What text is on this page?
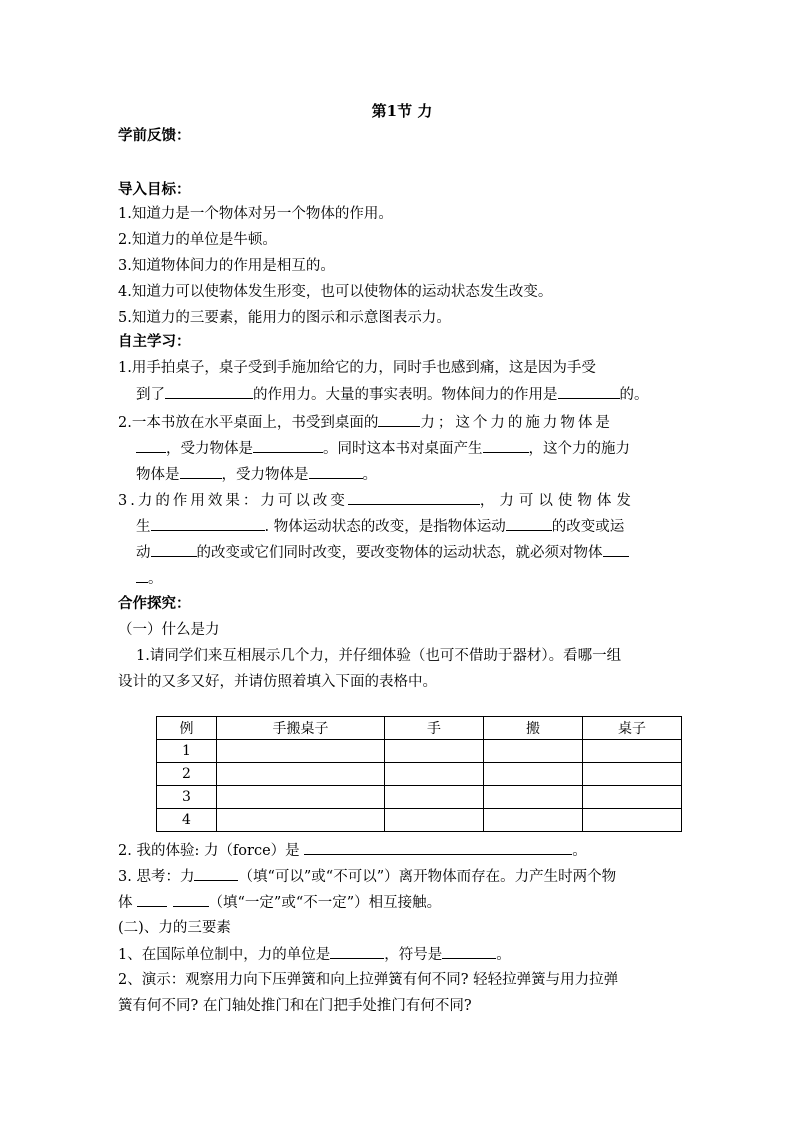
第1节 力
学前反馈：
导入目标：
1.知道力是一个物体对另一个物体的作用。
2.知道力的单位是牛顿。
3.知道物体间力的作用是相互的。
4.知道力可以使物体发生形变，也可以使物体的运动状态发生改变。
5.知道力的三要素，能用力的图示和示意图表示力。
自主学习：
1.用手拍桌子，桌子受到手施加给它的力，同时手也感到痛，这是因为手受
到了	的作用力。大量的事实表明。物体间力的作用是	的。
2.一本书放在水平桌面上，书受到桌面的	力；这个力的施力物体是
，受力物体是	。同时这本书对桌面产生	，这个力的施力
物体是	，受力物体是	。
3.力的作用效果：力可以改变	，力可以使物体发
生	. 物体运动状态的改变，是指物体运动	的改变或运
动	的改变或它们同时改变，要改变物体的运动状态，就必须对物体
。
合作探究：
（一）什么是力
1.请同学们来互相展示几个力，并仔细体验（也可不借助于器材）。看哪一组
设计的又多又好，并请仿照着填入下面的表格中。
例	手搬桌子	手	搬	桌子
1				
2				
3				
4				
2. 我的体验: 力（force）是	。
3. 思考：力	（填“可以”或“不可以”）离开物体而存在。力产生时两个物
体	（填“一定”或“不一定”）相互接触。
(二)、力的三要素
1、在国际单位制中，力的单位是	，符号是	。
2、演示：观察用力向下压弹簧和向上拉弹簧有何不同? 轻轻拉弹簧与用力拉弹
簧有何不同? 在门轴处推门和在门把手处推门有何不同?
